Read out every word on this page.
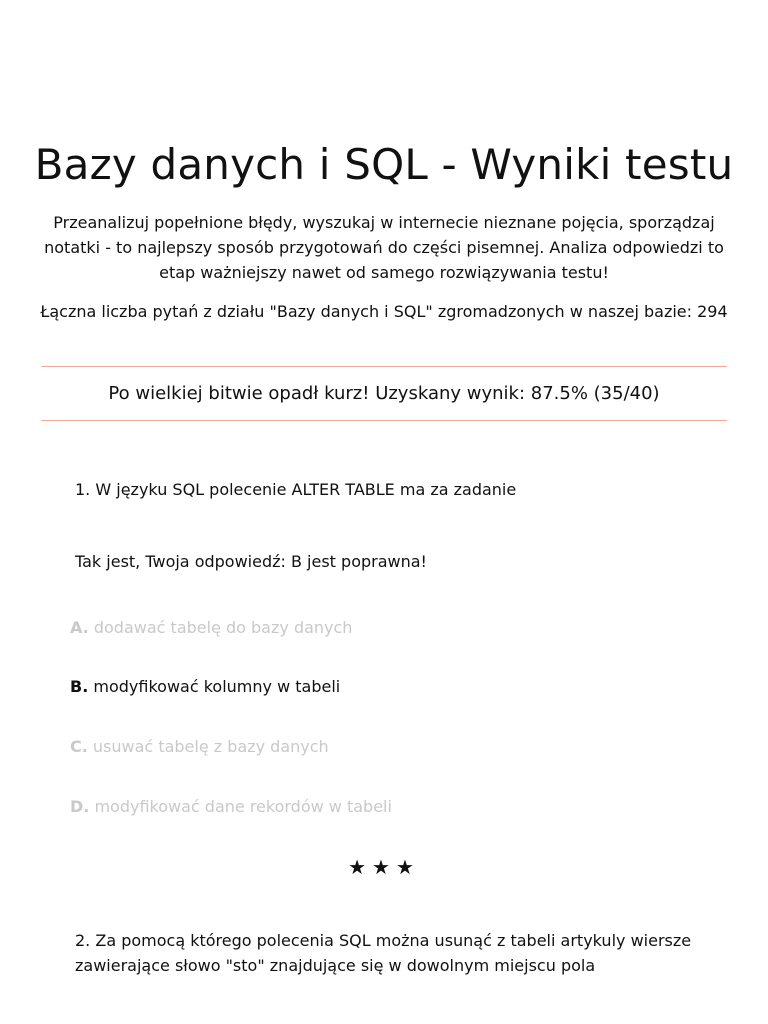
Bazy danych i SQL - Wyniki testu

Przeanalizuj popełnione błędy, wyszukaj w internecie nieznane pojęcia, sporządzaj notatki - to najlepszy sposób przygotowań do części pisemnej. Analiza odpowiedzi to etap ważniejszy nawet od samego rozwiązywania testu!

Łączna liczba pytań z działu "Bazy danych i SQL" zgromadzonych w naszej bazie: 294

Po wielkiej bitwie opadł kurz! Uzyskany wynik: 87.5% (35/40)

1. W języku SQL polecenie ALTER TABLE ma za zadanie

Tak jest, Twoja odpowiedź: B jest poprawna!

A. dodawać tabelę do bazy danych

B. modyfikować kolumny w tabeli

C. usuwać tabelę z bazy danych

D. modyfikować dane rekordów w tabeli

★★★

2. Za pomocą którego polecenia SQL można usunąć z tabeli artykuly wiersze zawierające słowo "sto" znajdujące się w dowolnym miejscu pola
